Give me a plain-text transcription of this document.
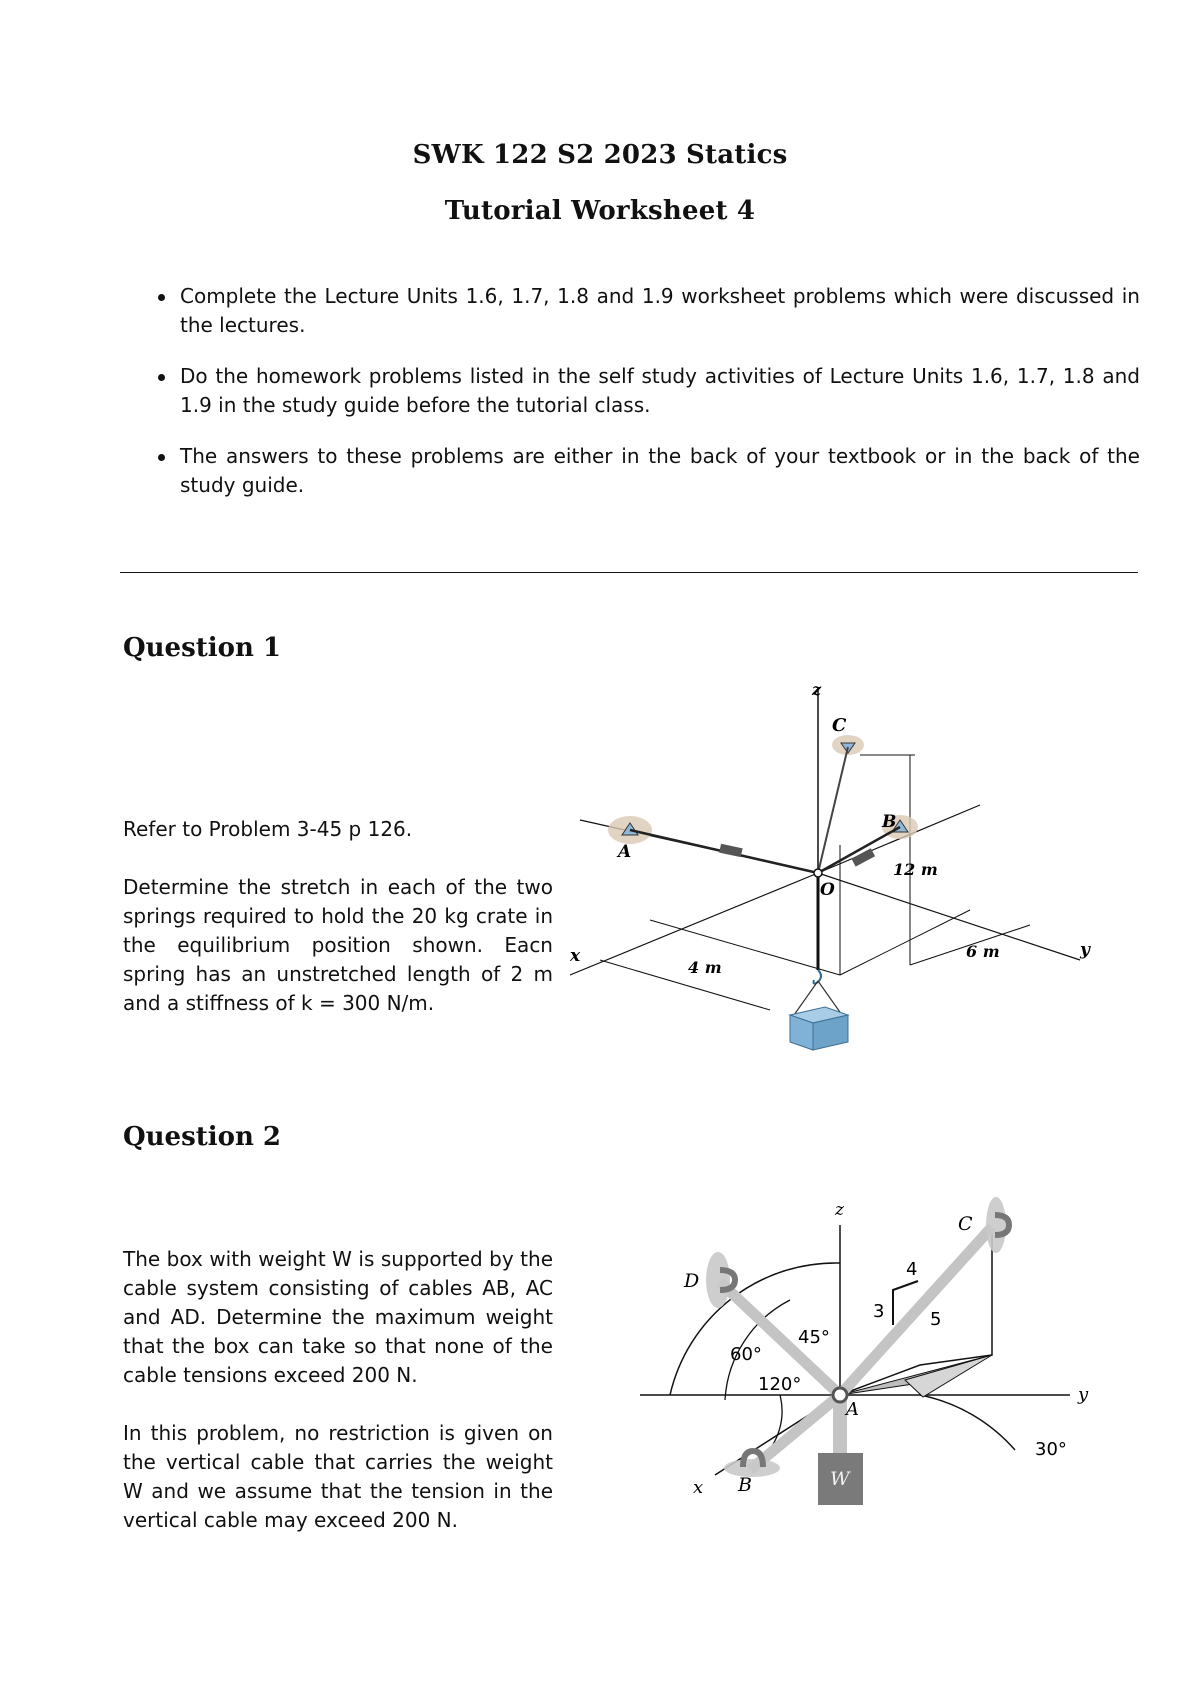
SWK 122 S2 2023 Statics
Tutorial Worksheet 4
Complete the Lecture Units 1.6, 1.7, 1.8 and 1.9 worksheet problems which were discussed in the lectures.
Do the homework problems listed in the self study activities of Lecture Units 1.6, 1.7, 1.8 and 1.9 in the study guide before the tutorial class.
The answers to these problems are either in the back of your textbook or in the back of the study guide.
Question 1

Refer to Problem 3-45 p 126.

Determine the stretch in each of the two springs required to hold the 20 kg crate in the equilibrium position shown. Eacn spring has an unstretched length of 2 m and a stiffness of k = 300 N/m.

z
C
A
B
O
12 m
x
4 m
6 m	y
Question 2

The box with weight W is supported by the cable system consisting of cables AB, AC and AD. Determine the maximum weight that the box can take so that none of the cable tensions exceed 200 N.

In this problem, no restriction is given on the vertical cable that carries the weight W and we assume that the tension in the vertical cable may exceed 200 N.

z
D
C
4
3	5
45°
60°
120°
A
y
30°
x B	W
